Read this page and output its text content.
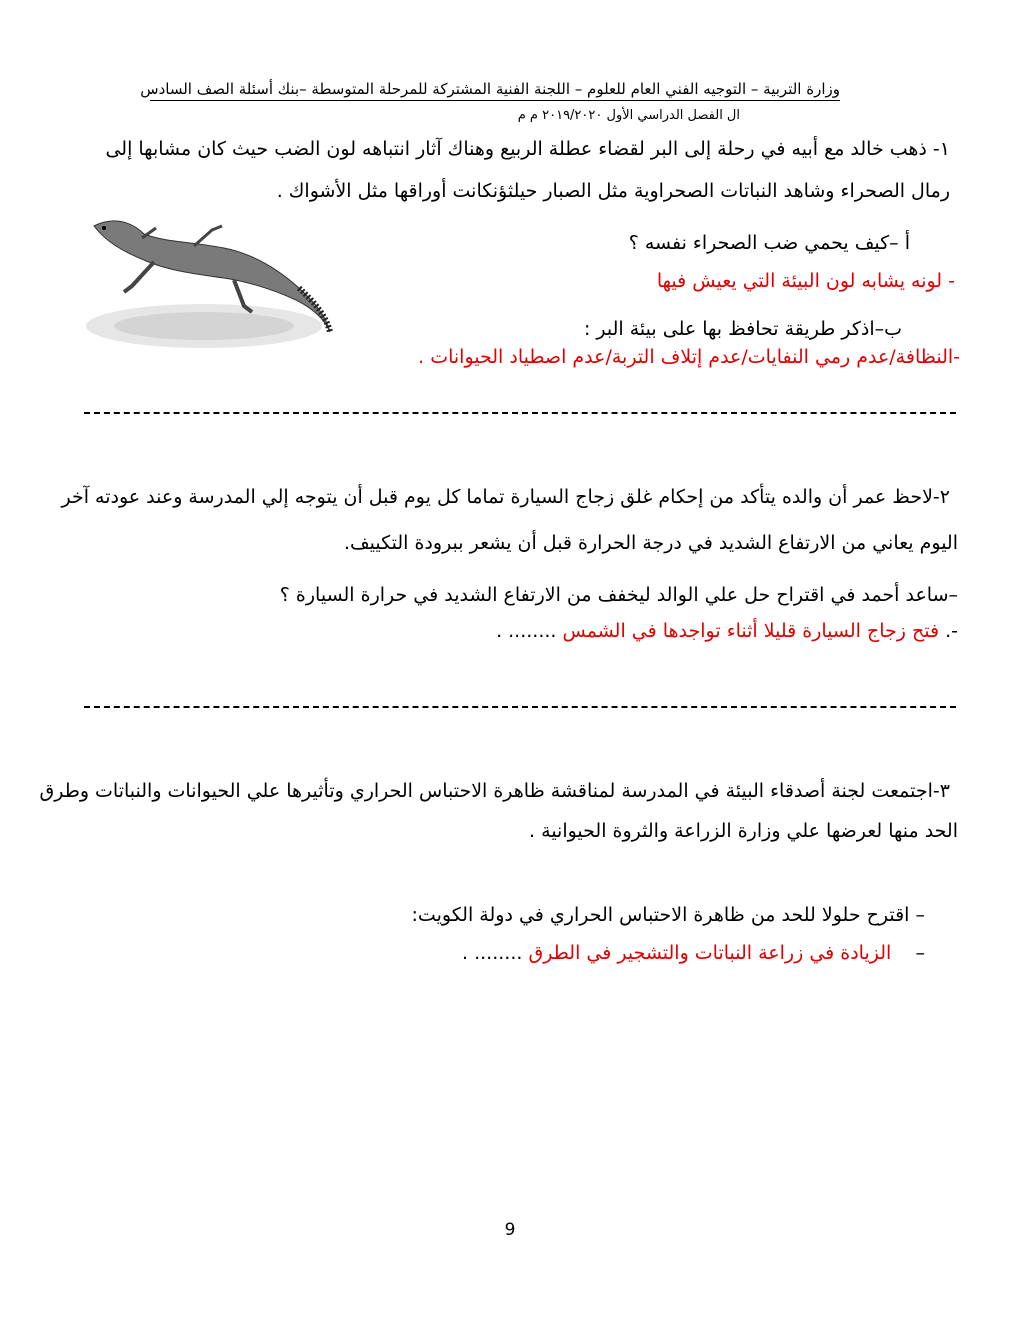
وزارة التربية – التوجيه الفني العام للعلوم – اللجنة الفنية المشتركة للمرحلة المتوسطة –بنك أسئلة الصف السادس
ال الفصل الدراسي الأول ٢٠١٩/٢٠٢٠ م م
١- ذهب خالد مع أبيه في رحلة إلى البر لقضاء عطلة الربيع وهناك آثار انتباهه لون الضب حيث كان مشابها إلى
رمال الصحراء وشاهد النباتات الصحراوية مثل الصبار حيلثؤنكانت أوراقها مثل الأشواك .
أ –كيف يحمي ضب الصحراء نفسه ؟
- لونه يشابه لون البيئة التي يعيش فيها
ب–اذكر طريقة تحافظ بها على بيئة البر :
-النظافة/عدم رمي النفايات/عدم إتلاف التربة/عدم اصطياد الحيوانات .
٢-لاحظ عمر أن والده يتأكد من إحكام غلق زجاج السيارة تماما كل يوم قبل أن يتوجه إلي المدرسة وعند عودته آخر
اليوم يعاني من الارتفاع الشديد في درجة الحرارة قبل أن يشعر ببرودة التكييف.
–ساعد أحمد في اقتراح حل علي الوالد ليخفف من الارتفاع الشديد في حرارة السيارة ؟
-. فتح زجاج السيارة قليلا أثناء تواجدها في الشمس ........ .
٣-اجتمعت لجنة أصدقاء البيئة في المدرسة لمناقشة ظاهرة الاحتباس الحراري وتأثيرها علي الحيوانات والنباتات وطرق
الحد منها لعرضها علي وزارة الزراعة والثروة الحيوانية .
– اقترح حلولا للحد من ظاهرة الاحتباس الحراري في دولة الكويت:
–    الزيادة في زراعة النباتات والتشجير في الطرق ........ .
9
